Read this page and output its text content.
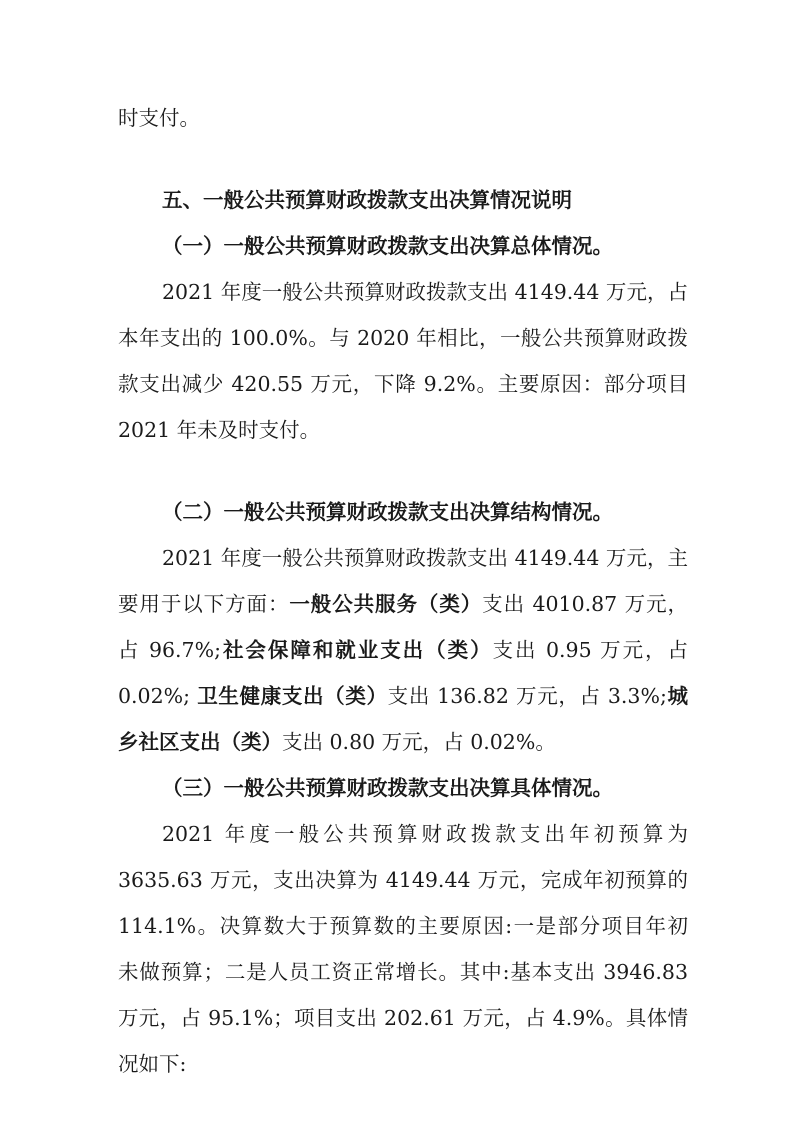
时支付。
五、一般公共预算财政拨款支出决算情况说明
（一）一般公共预算财政拨款支出决算总体情况。
2021 年度一般公共预算财政拨款支出 4149.44 万元，占
本年支出的 100.0%。与 2020 年相比，一般公共预算财政拨
款支出减少 420.55 万元，下降 9.2%。主要原因：部分项目
2021 年未及时支付。
（二）一般公共预算财政拨款支出决算结构情况。
2021 年度一般公共预算财政拨款支出 4149.44 万元，主
要用于以下方面：一般公共服务（类）支出 4010.87 万元，
占 96.7%;社会保障和就业支出（类）支出 0.95 万元，占
0.02%; 卫生健康支出（类）支出 136.82 万元，占 3.3%;城
乡社区支出（类）支出 0.80 万元，占 0.02%。
（三）一般公共预算财政拨款支出决算具体情况。
2021 年度一般公共预算财政拨款支出年初预算为
3635.63 万元，支出决算为 4149.44 万元，完成年初预算的
114.1%。决算数大于预算数的主要原因:一是部分项目年初
未做预算；二是人员工资正常增长。其中:基本支出 3946.83
万元，占 95.1%；项目支出 202.61 万元，占 4.9%。具体情
况如下:
